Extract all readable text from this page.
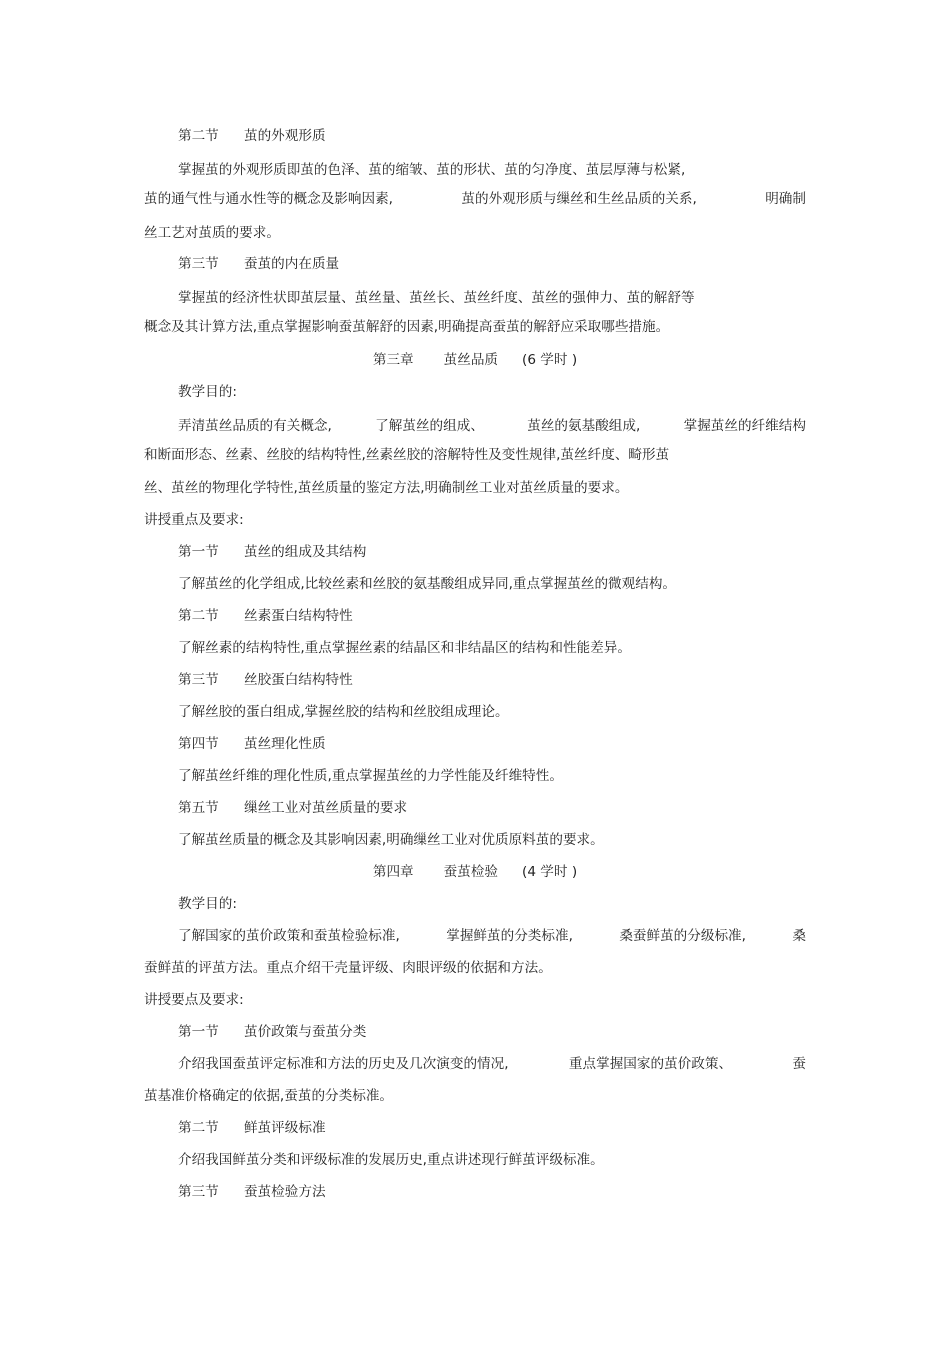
第二节 茧的外观形质
掌握茧的外观形质即茧的色泽、茧的缩皱、茧的形状、茧的匀净度、茧层厚薄与松紧,
茧的通气性与通水性等的概念及影响因素,	茧的外观形质与缫丝和生丝品质的关系,	明确制
丝工艺对茧质的要求。
第三节 蚕茧的内在质量
掌握茧的经济性状即茧层量、茧丝量、茧丝长、茧丝纤度、茧丝的强伸力、茧的解舒等
概念及其计算方法,重点掌握影响蚕茧解舒的因素,明确提高蚕茧的解舒应采取哪些措施。
第三章 茧丝品质 (6 学时 )
教学目的:
弄清茧丝品质的有关概念,	了解茧丝的组成、	茧丝的氨基酸组成,	掌握茧丝的纤维结构
和断面形态、丝素、丝胶的结构特性,丝素丝胶的溶解特性及变性规律,茧丝纤度、畸形茧
丝、茧丝的物理化学特性,茧丝质量的鉴定方法,明确制丝工业对茧丝质量的要求。
讲授重点及要求:
第一节 茧丝的组成及其结构
了解茧丝的化学组成,比较丝素和丝胶的氨基酸组成异同,重点掌握茧丝的微观结构。
第二节 丝素蛋白结构特性
了解丝素的结构特性,重点掌握丝素的结晶区和非结晶区的结构和性能差异。
第三节 丝胶蛋白结构特性
了解丝胶的蛋白组成,掌握丝胶的结构和丝胶组成理论。
第四节 茧丝理化性质
了解茧丝纤维的理化性质,重点掌握茧丝的力学性能及纤维特性。
第五节 缫丝工业对茧丝质量的要求
了解茧丝质量的概念及其影响因素,明确缫丝工业对优质原料茧的要求。
第四章 蚕茧检验 (4 学时 )
教学目的:
了解国家的茧价政策和蚕茧检验标准,	掌握鲜茧的分类标准,	桑蚕鲜茧的分级标准,	桑
蚕鲜茧的评茧方法。重点介绍干壳量评级、肉眼评级的依据和方法。
讲授要点及要求:
第一节 茧价政策与蚕茧分类
介绍我国蚕茧评定标准和方法的历史及几次演变的情况,	重点掌握国家的茧价政策、	蚕
茧基准价格确定的依据,蚕茧的分类标准。
第二节 鲜茧评级标准
介绍我国鲜茧分类和评级标准的发展历史,重点讲述现行鲜茧评级标准。
第三节 蚕茧检验方法
